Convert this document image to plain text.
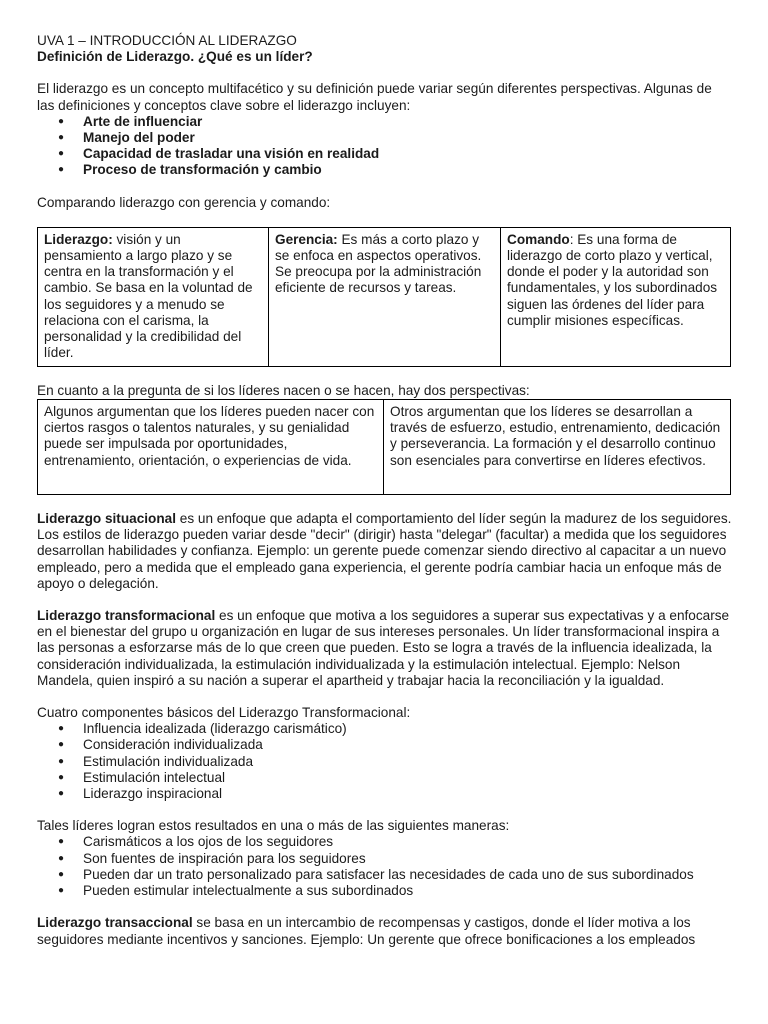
UVA 1 – INTRODUCCIÓN AL LIDERAZGO

Definición de Liderazgo. ¿Qué es un líder?

El liderazgo es un concepto multifacético y su definición puede variar según diferentes perspectivas. Algunas de las definiciones y conceptos clave sobre el liderazgo incluyen:

● Arte de influenciar
● Manejo del poder
● Capacidad de trasladar una visión en realidad
● Proceso de transformación y cambio

Comparando liderazgo con gerencia y comando:

Liderazgo: visión y un pensamiento a largo plazo y se centra en la transformación y el cambio. Se basa en la voluntad de los seguidores y a menudo se relaciona con el carisma, la personalidad y la credibilidad del líder.	Gerencia: Es más a corto plazo y se enfoca en aspectos operativos. Se preocupa por la administración eficiente de recursos y tareas.	Comando: Es una forma de liderazgo de corto plazo y vertical, donde el poder y la autoridad son fundamentales, y los subordinados siguen las órdenes del líder para cumplir misiones específicas.

En cuanto a la pregunta de si los líderes nacen o se hacen, hay dos perspectivas:

Algunos argumentan que los líderes pueden nacer con ciertos rasgos o talentos naturales, y su genialidad puede ser impulsada por oportunidades, entrenamiento, orientación, o experiencias de vida.	Otros argumentan que los líderes se desarrollan a través de esfuerzo, estudio, entrenamiento, dedicación y perseverancia. La formación y el desarrollo continuo son esenciales para convertirse en líderes efectivos.

Liderazgo situacional es un enfoque que adapta el comportamiento del líder según la madurez de los seguidores. Los estilos de liderazgo pueden variar desde "decir" (dirigir) hasta "delegar" (facultar) a medida que los seguidores desarrollan habilidades y confianza. Ejemplo: un gerente puede comenzar siendo directivo al capacitar a un nuevo empleado, pero a medida que el empleado gana experiencia, el gerente podría cambiar hacia un enfoque más de apoyo o delegación.

Liderazgo transformacional es un enfoque que motiva a los seguidores a superar sus expectativas y a enfocarse en el bienestar del grupo u organización en lugar de sus intereses personales. Un líder transformacional inspira a las personas a esforzarse más de lo que creen que pueden. Esto se logra a través de la influencia idealizada, la consideración individualizada, la estimulación individualizada y la estimulación intelectual. Ejemplo: Nelson Mandela, quien inspiró a su nación a superar el apartheid y trabajar hacia la reconciliación y la igualdad.

Cuatro componentes básicos del Liderazgo Transformacional:

● Influencia idealizada (liderazgo carismático)
● Consideración individualizada
● Estimulación individualizada
● Estimulación intelectual
● Liderazgo inspiracional

Tales líderes logran estos resultados en una o más de las siguientes maneras:

● Carismáticos a los ojos de los seguidores
● Son fuentes de inspiración para los seguidores
● Pueden dar un trato personalizado para satisfacer las necesidades de cada uno de sus subordinados
● Pueden estimular intelectualmente a sus subordinados

Liderazgo transaccional se basa en un intercambio de recompensas y castigos, donde el líder motiva a los seguidores mediante incentivos y sanciones. Ejemplo: Un gerente que ofrece bonificaciones a los empleados
